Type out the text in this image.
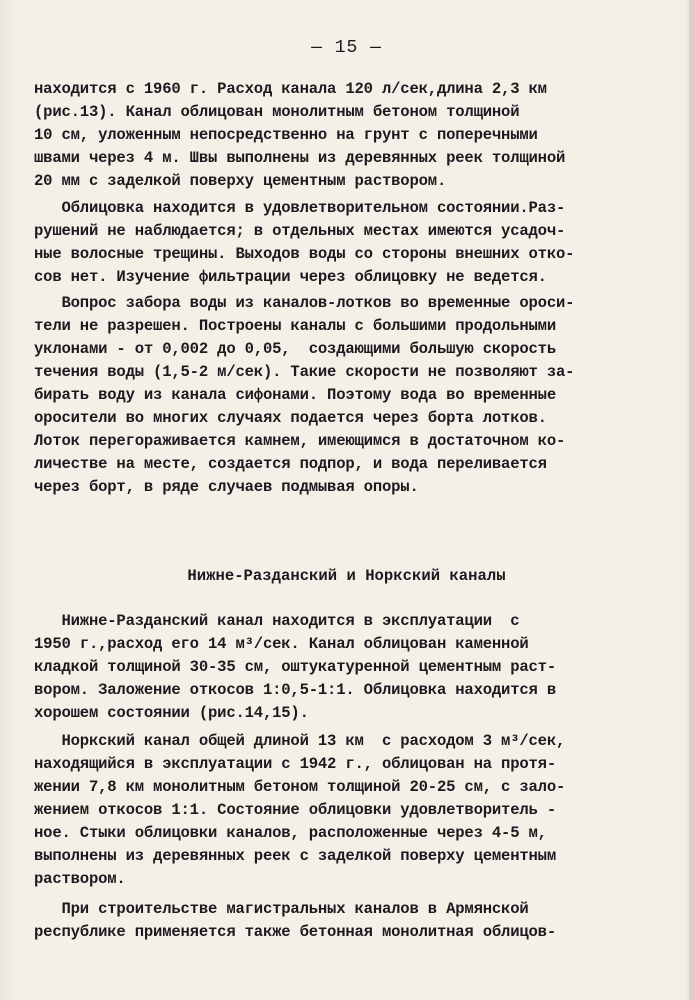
— 15 —
находится с 1960 г. Расход канала 120 л/сек,длина 2,3 км
(рис.13). Канал облицован монолитным бетоном толщиной
10 см, уложенным непосредственно на грунт с поперечными
швами через 4 м. Швы выполнены из деревянных реек толщиной
20 мм с заделкой поверху цементным раствором.
Облицовка находится в удовлетворительном состоянии.Раз-
рушений не наблюдается; в отдельных местах имеются усадоч-
ные волосные трещины. Выходов воды со стороны внешних отко-
сов нет. Изучение фильтрации через облицовку не ведется.
Вопрос забора воды из каналов-лотков во временные ороси-
тели не разрешен. Построены каналы с большими продольными
уклонами - от 0,002 до 0,05,  создающими большую скорость
течения воды (1,5-2 м/сек). Такие скорости не позволяют за-
бирать воду из канала сифонами. Поэтому вода во временные
оросители во многих случаях подается через борта лотков.
Лоток перегораживается камнем, имеющимся в достаточном ко-
личестве на месте, создается подпор, и вода переливается
через борт, в ряде случаев подмывая опоры.
Нижне-Разданский и Норкский каналы
Нижне-Разданский канал находится в эксплуатации  с
1950 г.,расход его 14 м³/сек. Канал облицован каменной
кладкой толщиной 30-35 см, оштукатуренной цементным раст-
вором. Заложение откосов 1:0,5-1:1. Облицовка находится в
хорошем состоянии (рис.14,15).
Норкский канал общей длиной 13 км  с расходом 3 м³/сек,
находящийся в эксплуатации с 1942 г., облицован на протя-
жении 7,8 км монолитным бетоном толщиной 20-25 см, с зало-
жением откосов 1:1. Состояние облицовки удовлетворитель -
ное. Стыки облицовки каналов, расположенные через 4-5 м,
выполнены из деревянных реек с заделкой поверху цементным
раствором.
При строительстве магистральных каналов в Армянской
республике применяется также бетонная монолитная облицов-
